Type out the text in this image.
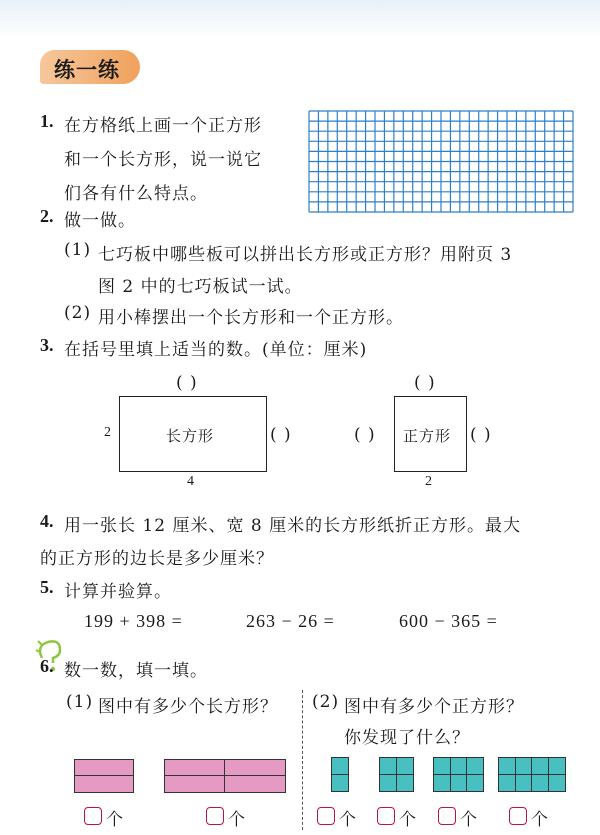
练一练
1. 在方格纸上画一个正方形
和一个长方形，说一说它
们各有什么特点。
2. 做一做。
(1) 七巧板中哪些板可以拼出长方形或正方形？用附页 3
图 2 中的七巧板试一试。
(2) 用小棒摆出一个长方形和一个正方形。
3. 在括号里填上适当的数。(单位：厘米)
( )
长方形
2	( )
4
( )
( ) 正方形 ( )
2
4. 用一张长 12 厘米、宽 8 厘米的长方形纸折正方形。最大
的正方形的边长是多少厘米？
5. 计算并验算。
199 + 398 =	263 − 26 =	600 − 365 =
6. 数一数，填一填。
(1) 图中有多少个长方形？ (2) 图中有多少个正方形？
你发现了什么？
个	个	个	个	个	个
